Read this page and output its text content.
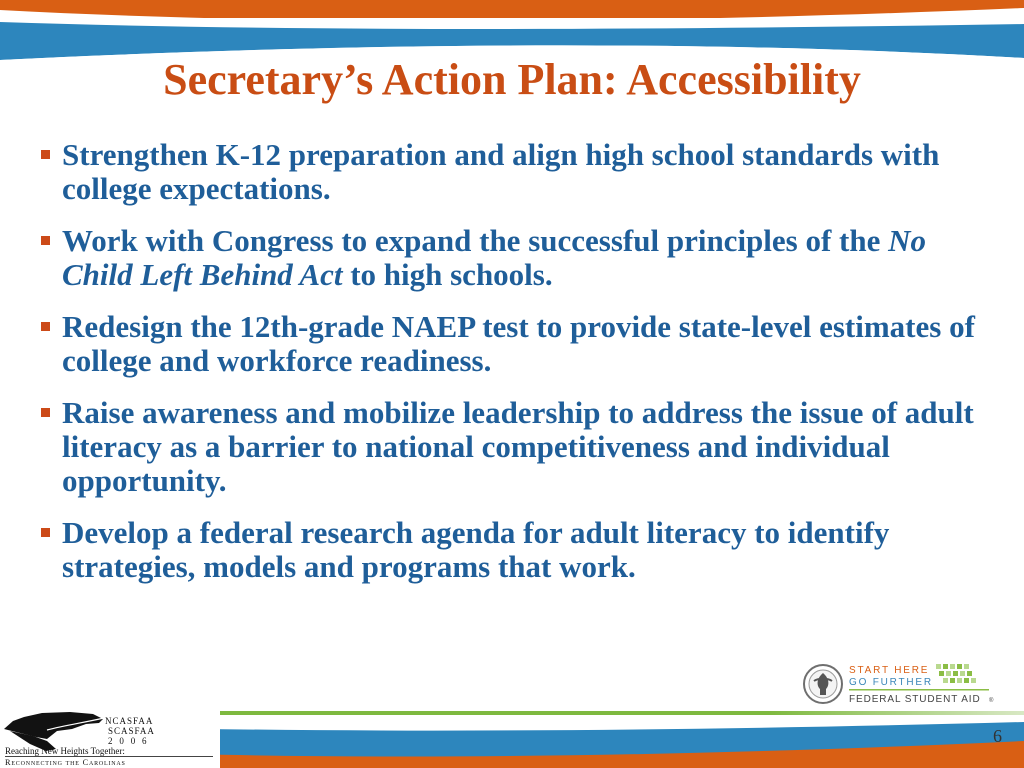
Secretary’s Action Plan: Accessibility
Strengthen K-12 preparation and align high school standards with college expectations.
Work with Congress to expand the successful principles of the No Child Left Behind Act to high schools.
Redesign the 12th-grade NAEP test to provide state-level estimates of college and workforce readiness.
Raise awareness and mobilize leadership to address the issue of adult literacy as a barrier to national competitiveness and individual opportunity.
Develop a federal research agenda for adult literacy to identify strategies, models and programs that work.
START HERE
GO FURTHER
FEDERAL STUDENT AID ®
6
NCASFAA
SCASFAA
2 0 0 6
Reaching New Heights Together:
Reconnecting the Carolinas
